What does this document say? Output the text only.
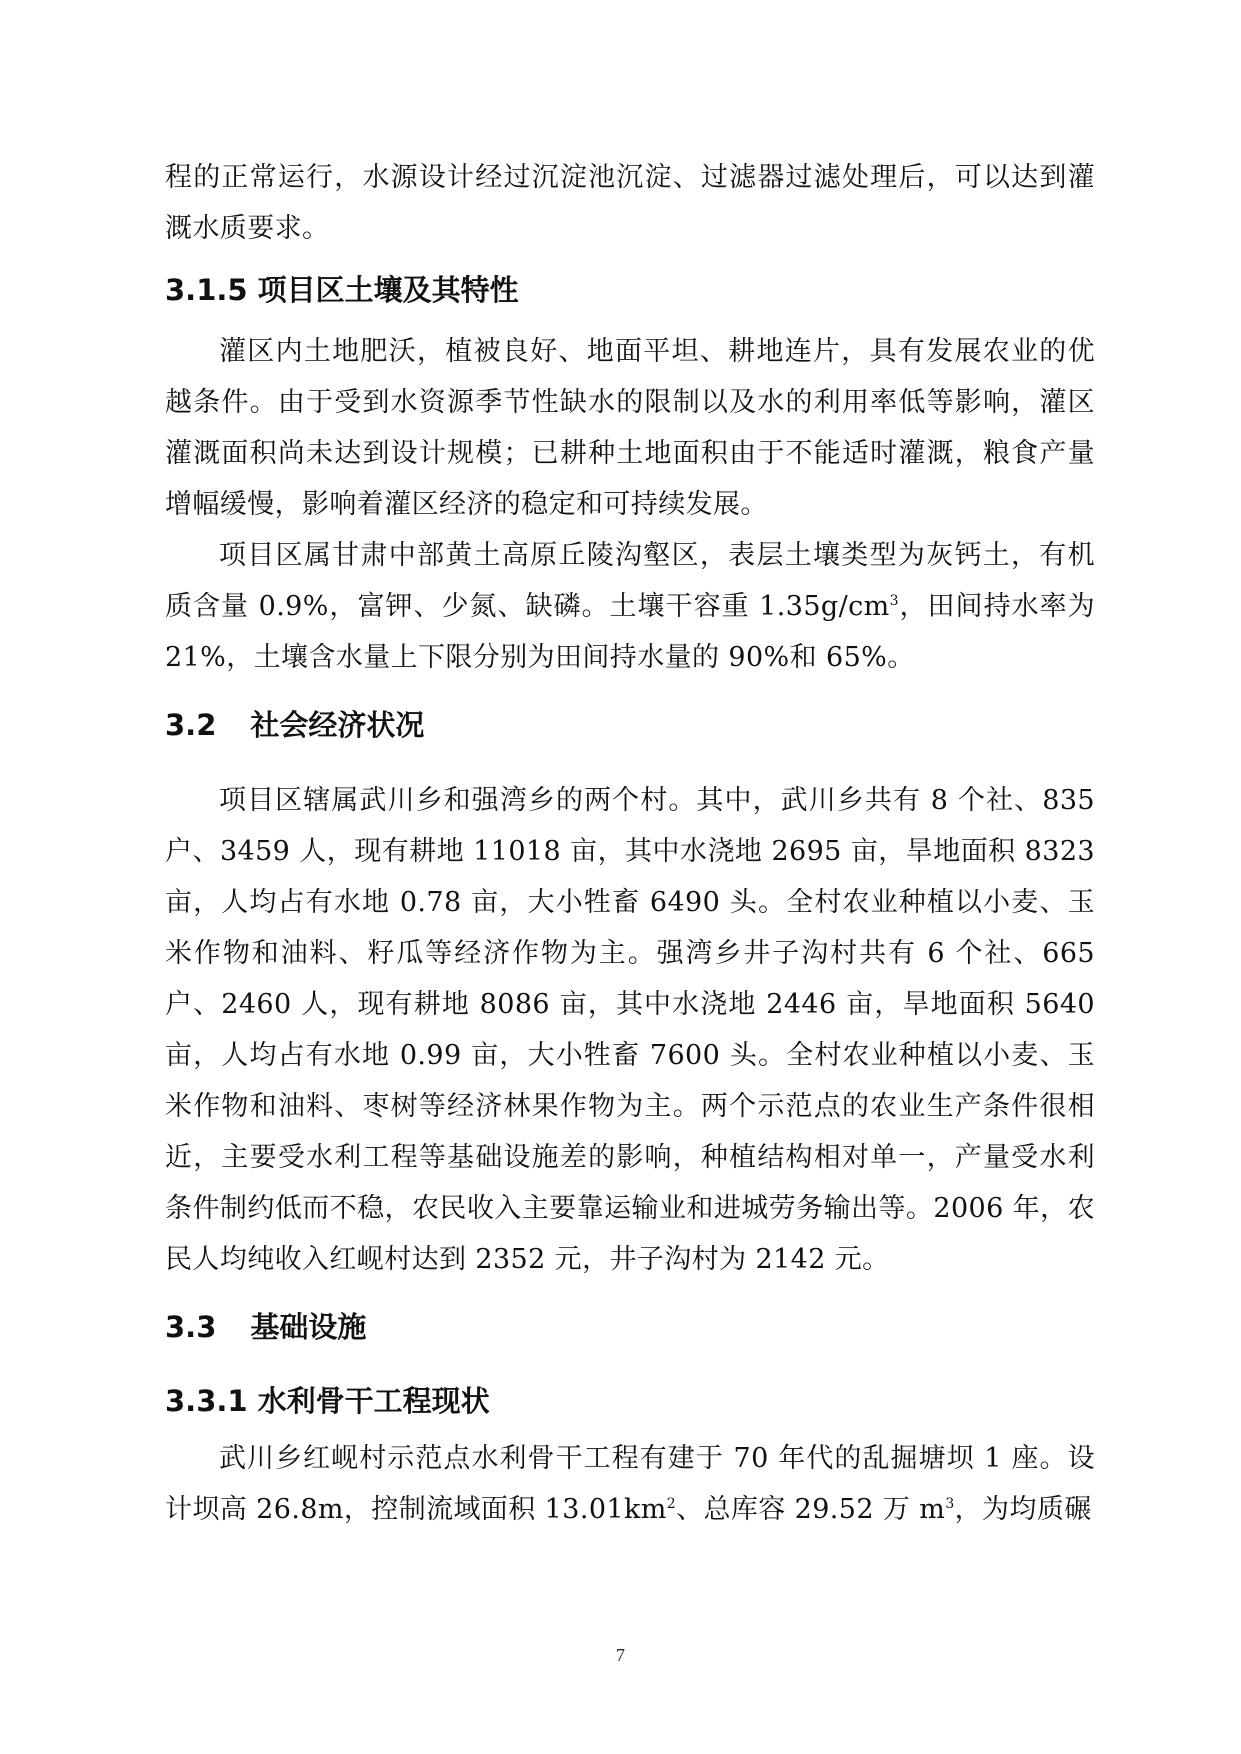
程的正常运行，水源设计经过沉淀池沉淀、过滤器过滤处理后，可以达到灌溉水质要求。

3.1.5 项目区土壤及其特性

灌区内土地肥沃，植被良好、地面平坦、耕地连片，具有发展农业的优越条件。由于受到水资源季节性缺水的限制以及水的利用率低等影响，灌区灌溉面积尚未达到设计规模；已耕种土地面积由于不能适时灌溉，粮食产量增幅缓慢，影响着灌区经济的稳定和可持续发展。

项目区属甘肃中部黄土高原丘陵沟壑区，表层土壤类型为灰钙土，有机质含量 0.9%，富钾、少氮、缺磷。土壤干容重 $1.35g/cm^3$，田间持水率为 21%，土壤含水量上下限分别为田间持水量的 90%和 65%。

3.2 社会经济状况

项目区辖属武川乡和强湾乡的两个村。其中，武川乡共有 8 个社、835 户、3459 人，现有耕地 11018 亩，其中水浇地 2695 亩，旱地面积 8323 亩，人均占有水地 0.78 亩，大小牲畜 6490 头。全村农业种植以小麦、玉米作物和油料、籽瓜等经济作物为主。强湾乡井子沟村共有 6 个社、665 户、2460 人，现有耕地 8086 亩，其中水浇地 2446 亩，旱地面积 5640 亩，人均占有水地 0.99 亩，大小牲畜 7600 头。全村农业种植以小麦、玉米作物和油料、枣树等经济林果作物为主。两个示范点的农业生产条件很相近，主要受水利工程等基础设施差的影响，种植结构相对单一，产量受水利条件制约低而不稳，农民收入主要靠运输业和进城劳务输出等。2006 年，农民人均纯收入红岘村达到 2352 元，井子沟村为 2142 元。

3.3 基础设施
3.3.1 水利骨干工程现状

武川乡红岘村示范点水利骨干工程有建于 70 年代的乱掘塘坝 1 座。设计坝高 26.8m，控制流域面积 $13.01km^2$、总库容 29.52 万 $m^3$，为均质碾

7
